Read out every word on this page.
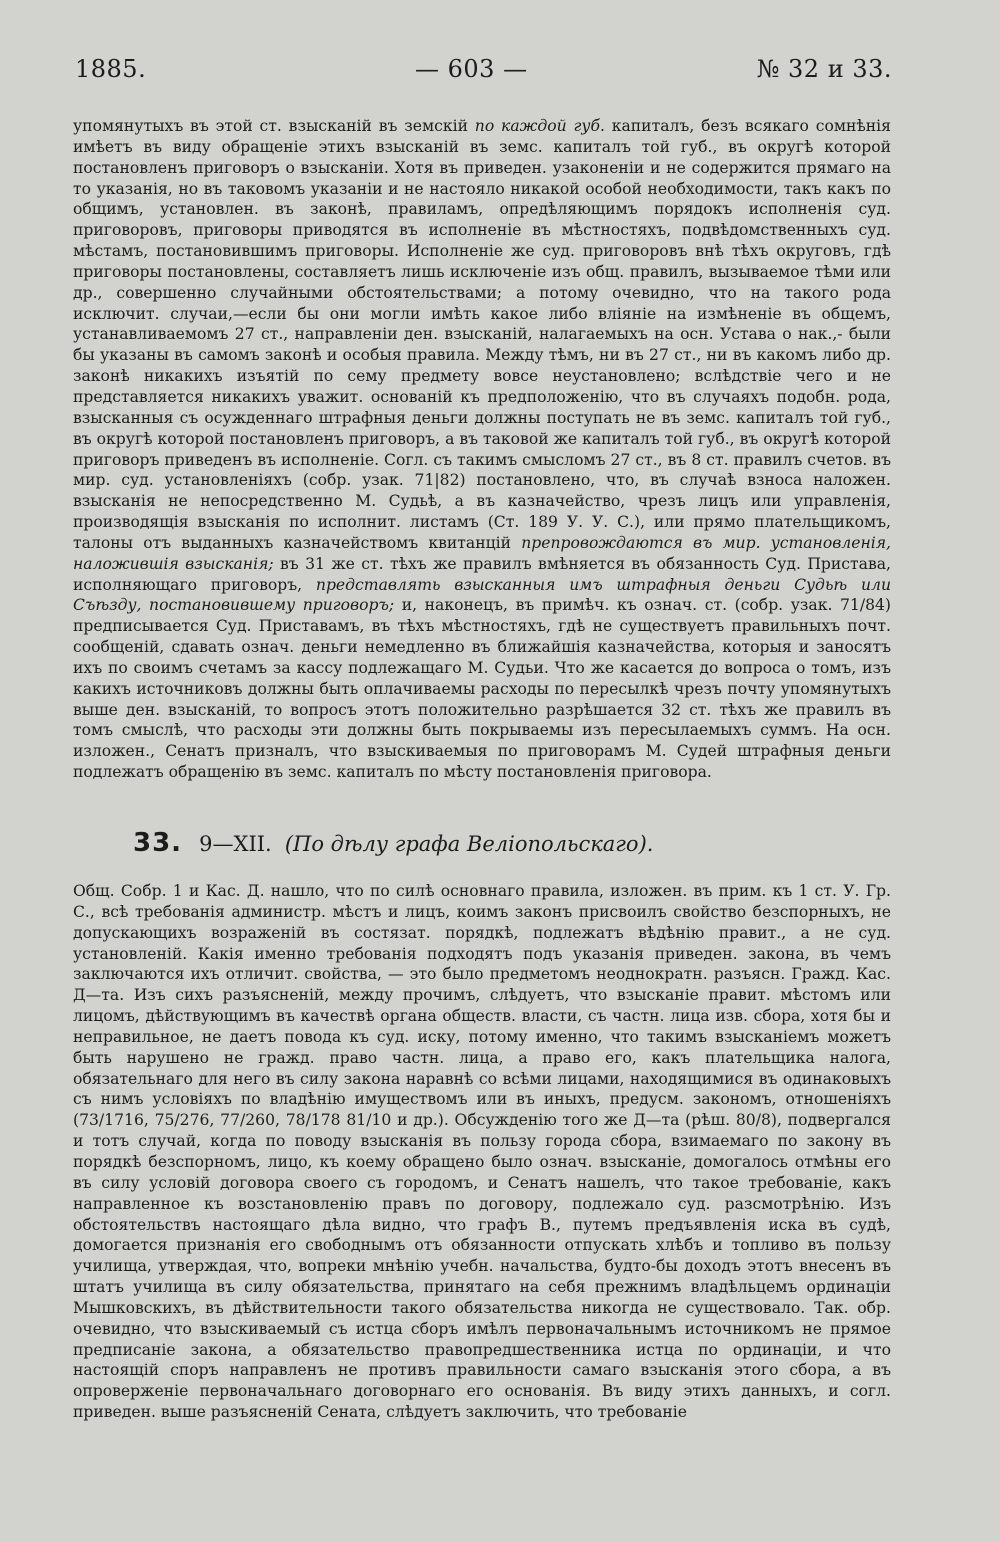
1885.	— 603 —	№ 32 и 33.

упомянутыхъ въ этой ст. взысканій въ земскій по каждой губ. капиталъ, безъ всякаго сомнѣнія имѣетъ въ виду обращеніе этихъ взысканій въ земс. капиталъ той губ., въ округѣ которой постановленъ приговоръ о взысканіи. Хотя въ приведен. узаконеніи и не содержится прямаго на то указанія, но въ таковомъ указаніи и не настояло никакой особой необходимости, такъ какъ по общимъ, установлен. въ законѣ, правиламъ, опредѣляющимъ порядокъ исполненія суд. приговоровъ, приговоры приводятся въ исполненіе въ мѣстностяхъ, подвѣдомственныхъ суд. мѣстамъ, постановившимъ приговоры. Исполненіе же суд. приговоровъ внѣ тѣхъ округовъ, гдѣ приговоры постановлены, составляетъ лишь исключеніе изъ общ. правилъ, вызываемое тѣми или др., совершенно случайными обстоятельствами; а потому очевидно, что на такого рода исключит. случаи,—если бы они могли имѣть какое либо вліяніе на измѣненіе въ общемъ, устанавливаемомъ 27 ст., направленіи ден. взысканій, налагаемыхъ на осн. Устава о нак.,- были бы указаны въ самомъ законѣ и особыя правила. Между тѣмъ, ни въ 27 ст., ни въ какомъ либо др. законѣ никакихъ изъятій по сему предмету вовсе неустановлено; вслѣдствіе чего и не представляется никакихъ уважит. основаній къ предположенію, что въ случаяхъ подобн. рода, взысканныя съ осужденнаго штрафныя деньги должны поступать не въ земс. капиталъ той губ., въ округѣ которой постановленъ приговоръ, а въ таковой же капиталъ той губ., въ округѣ которой приговоръ приведенъ въ исполненіе. Согл. съ такимъ смысломъ 27 ст., въ 8 ст. правилъ счетов. въ мир. суд. установленіяхъ (собр. узак. 71|82) постановлено, что, въ случаѣ взноса наложен. взысканія не непосредственно М. Судьѣ, а въ казначейство, чрезъ лицъ или управленія, производящія взысканія по исполнит. листамъ (Ст. 189 У. У. С.), или прямо плательщикомъ, талоны отъ выданныхъ казначействомъ квитанцій препровождаются въ мир. установленія, наложившія взысканія; въ 31 же ст. тѣхъ же правилъ вмѣняется въ обязанность Суд. Пристава, исполняющаго приговоръ, представлять взысканныя имъ штрафныя деньги Судьѣ или Съѣзду, постановившему приговоръ; и, наконецъ, въ примѣч. къ означ. ст. (собр. узак. 71/84) предписывается Суд. Приставамъ, въ тѣхъ мѣстностяхъ, гдѣ не существуетъ правильныхъ почт. сообщеній, сдавать означ. деньги немедленно въ ближайшія казначейства, которыя и заносятъ ихъ по своимъ счетамъ за кассу подлежащаго М. Судьи. Что же касается до вопроса о томъ, изъ какихъ источниковъ должны быть оплачиваемы расходы по пересылкѣ чрезъ почту упомянутыхъ выше ден. взысканій, то вопросъ этотъ положительно разрѣшается 32 ст. тѣхъ же правилъ въ томъ смыслѣ, что расходы эти должны быть покрываемы изъ пересылаемыхъ суммъ. На осн. изложен., Сенатъ призналъ, что взыскиваемыя по приговорамъ М. Судей штрафныя деньги подлежатъ обращенію въ земс. капиталъ по мѣсту постановленія приговора.

33. 9—XII. (По дѣлу графа Веліопольскаго).

Общ. Собр. 1 и Кас. Д. нашло, что по силѣ основнаго правила, изложен. въ прим. къ 1 ст. У. Гр. С., всѣ требованія администр. мѣстъ и лицъ, коимъ законъ присвоилъ свойство безспорныхъ, не допускающихъ возраженій въ состязат. порядкѣ, подлежатъ вѣдѣнію правит., а не суд. установленій. Какія именно требованія подходятъ подъ указанія приведен. закона, въ чемъ заключаются ихъ отличит. свойства, — это было предметомъ неоднократн. разъясн. Гражд. Кас. Д—та. Изъ сихъ разъясненій, между прочимъ, слѣдуетъ, что взысканіе правит. мѣстомъ или лицомъ, дѣйствующимъ въ качествѣ органа обществ. власти, съ частн. лица изв. сбора, хотя бы и неправильное, не даетъ повода къ суд. иску, потому именно, что такимъ взысканіемъ можетъ быть нарушено не гражд. право частн. лица, а право его, какъ плательщика налога, обязательнаго для него въ силу закона наравнѣ со всѣми лицами, находящимися въ одинаковыхъ съ нимъ условіяхъ по владѣнію имуществомъ или въ иныхъ, предусм. закономъ, отношеніяхъ (73/1716, 75/276, 77/260, 78/178 81/10 и др.). Обсужденію того же Д—та (рѣш. 80/8), подвергался и тотъ случай, когда по поводу взысканія въ пользу города сбора, взимаемаго по закону въ порядкѣ безспорномъ, лицо, къ коему обращено было означ. взысканіе, домогалось отмѣны его въ силу условій договора своего съ городомъ, и Сенатъ нашелъ, что такое требованіе, какъ направленное къ возстановленію правъ по договору, подлежало суд. разсмотрѣнію. Изъ обстоятельствъ настоящаго дѣла видно, что графъ В., путемъ предъявленія иска въ судѣ, домогается признанія его свободнымъ отъ обязанности отпускать хлѣбъ и топливо въ пользу училища, утверждая, что, вопреки мнѣнію учебн. начальства, будто-бы доходъ этотъ внесенъ въ штатъ училища въ силу обязательства, принятаго на себя прежнимъ владѣльцемъ ординаціи Мышковскихъ, въ дѣйствительности такого обязательства никогда не существовало. Так. обр. очевидно, что взыскиваемый съ истца сборъ имѣлъ первоначальнымъ источникомъ не прямое предписаніе закона, а обязательство правопредшественника истца по ординаціи, и что настоящій споръ направленъ не противъ правильности самаго взысканія этого сбора, а въ опроверженіе первоначальнаго договорнаго его основанія. Въ виду этихъ данныхъ, и согл. приведен. выше разъясненій Сената, слѣдуетъ заключить, что требованіе
